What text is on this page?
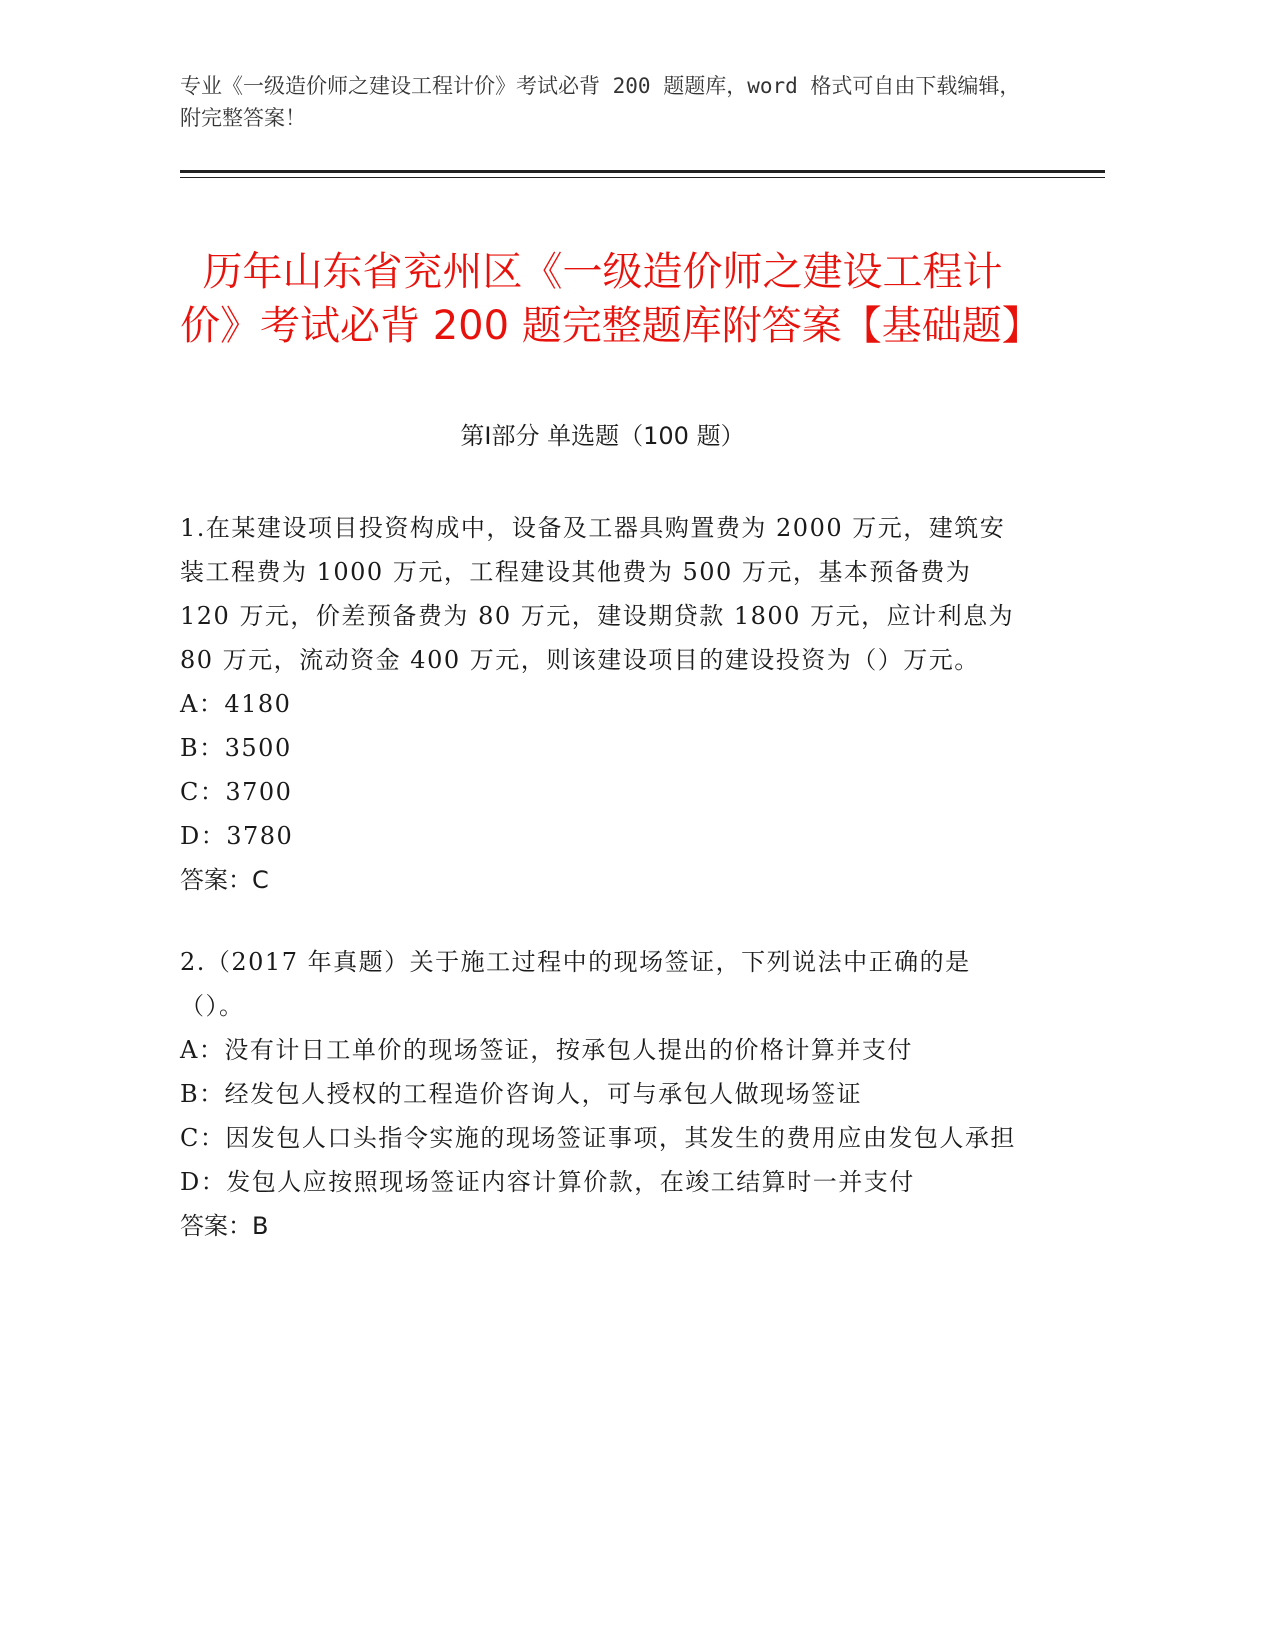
专业《一级造价师之建设工程计价》考试必背 200 题题库，word 格式可自由下载编辑，附完整答案！
历年山东省兖州区《一级造价师之建设工程计价》考试必背 200 题完整题库附答案【基础题】
第Ⅰ部分 单选题（100 题）
1.在某建设项目投资构成中，设备及工器具购置费为 2000 万元，建筑安装工程费为 1000 万元，工程建设其他费为 500 万元，基本预备费为 120 万元，价差预备费为 80 万元，建设期贷款 1800 万元，应计利息为 80 万元，流动资金 400 万元，则该建设项目的建设投资为（）万元。
A：4180
B：3500
C：3700
D：3780
答案：C
2.（2017 年真题）关于施工过程中的现场签证，下列说法中正确的是（）。
A：没有计日工单价的现场签证，按承包人提出的价格计算并支付
B：经发包人授权的工程造价咨询人，可与承包人做现场签证
C：因发包人口头指令实施的现场签证事项，其发生的费用应由发包人承担
D：发包人应按照现场签证内容计算价款，在竣工结算时一并支付
答案：B
